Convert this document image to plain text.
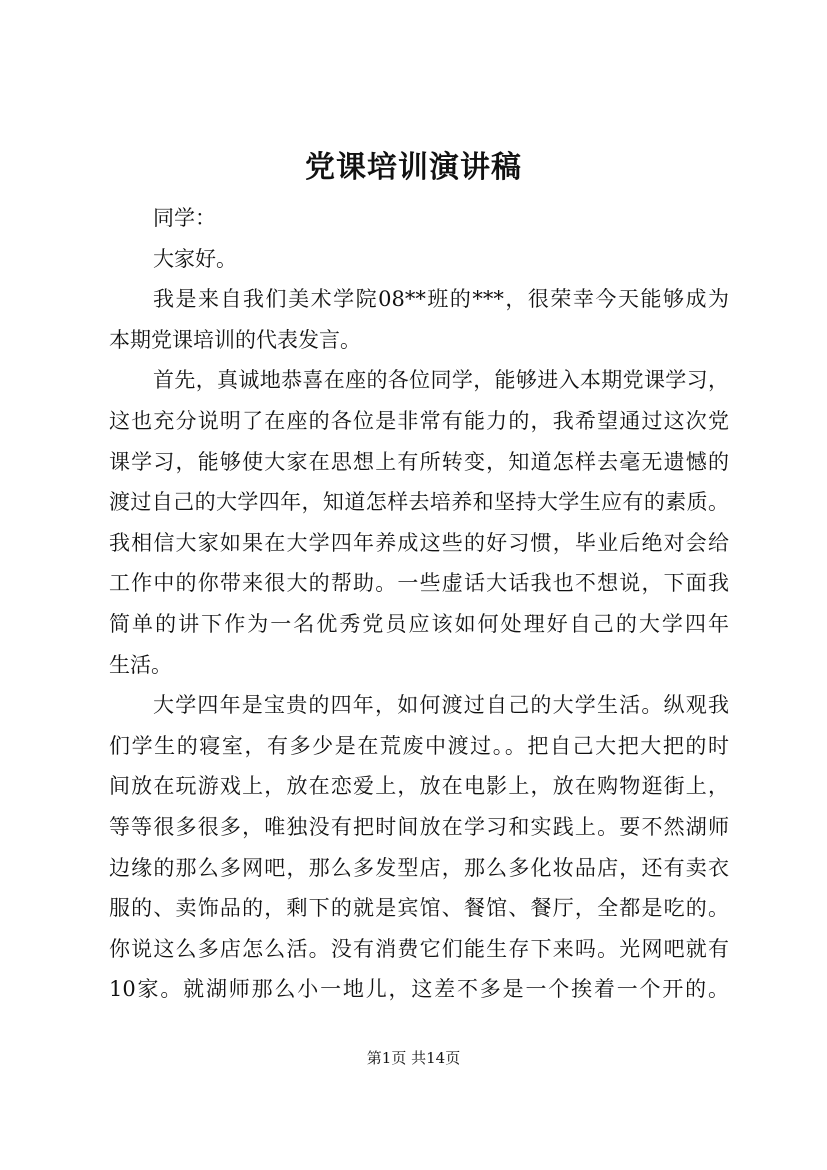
党课培训演讲稿

同学：

大家好。

我是来自我们美术学院08**班的***，很荣幸今天能够成为

本期党课培训的代表发言。

首先，真诚地恭喜在座的各位同学，能够进入本期党课学习，

这也充分说明了在座的各位是非常有能力的，我希望通过这次党

课学习，能够使大家在思想上有所转变，知道怎样去毫无遗憾的

渡过自己的大学四年，知道怎样去培养和坚持大学生应有的素质。

我相信大家如果在大学四年养成这些的好习惯，毕业后绝对会给

工作中的你带来很大的帮助。一些虚话大话我也不想说，下面我

简单的讲下作为一名优秀党员应该如何处理好自己的大学四年

生活。

大学四年是宝贵的四年，如何渡过自己的大学生活。纵观我

们学生的寝室，有多少是在荒废中渡过。。把自己大把大把的时

间放在玩游戏上，放在恋爱上，放在电影上，放在购物逛街上，

等等很多很多，唯独没有把时间放在学习和实践上。要不然湖师

边缘的那么多网吧，那么多发型店，那么多化妆品店，还有卖衣

服的、卖饰品的，剩下的就是宾馆、餐馆、餐厅，全都是吃的。

你说这么多店怎么活。没有消费它们能生存下来吗。光网吧就有

10家。就湖师那么小一地儿，这差不多是一个挨着一个开的。

第1页 共14页
